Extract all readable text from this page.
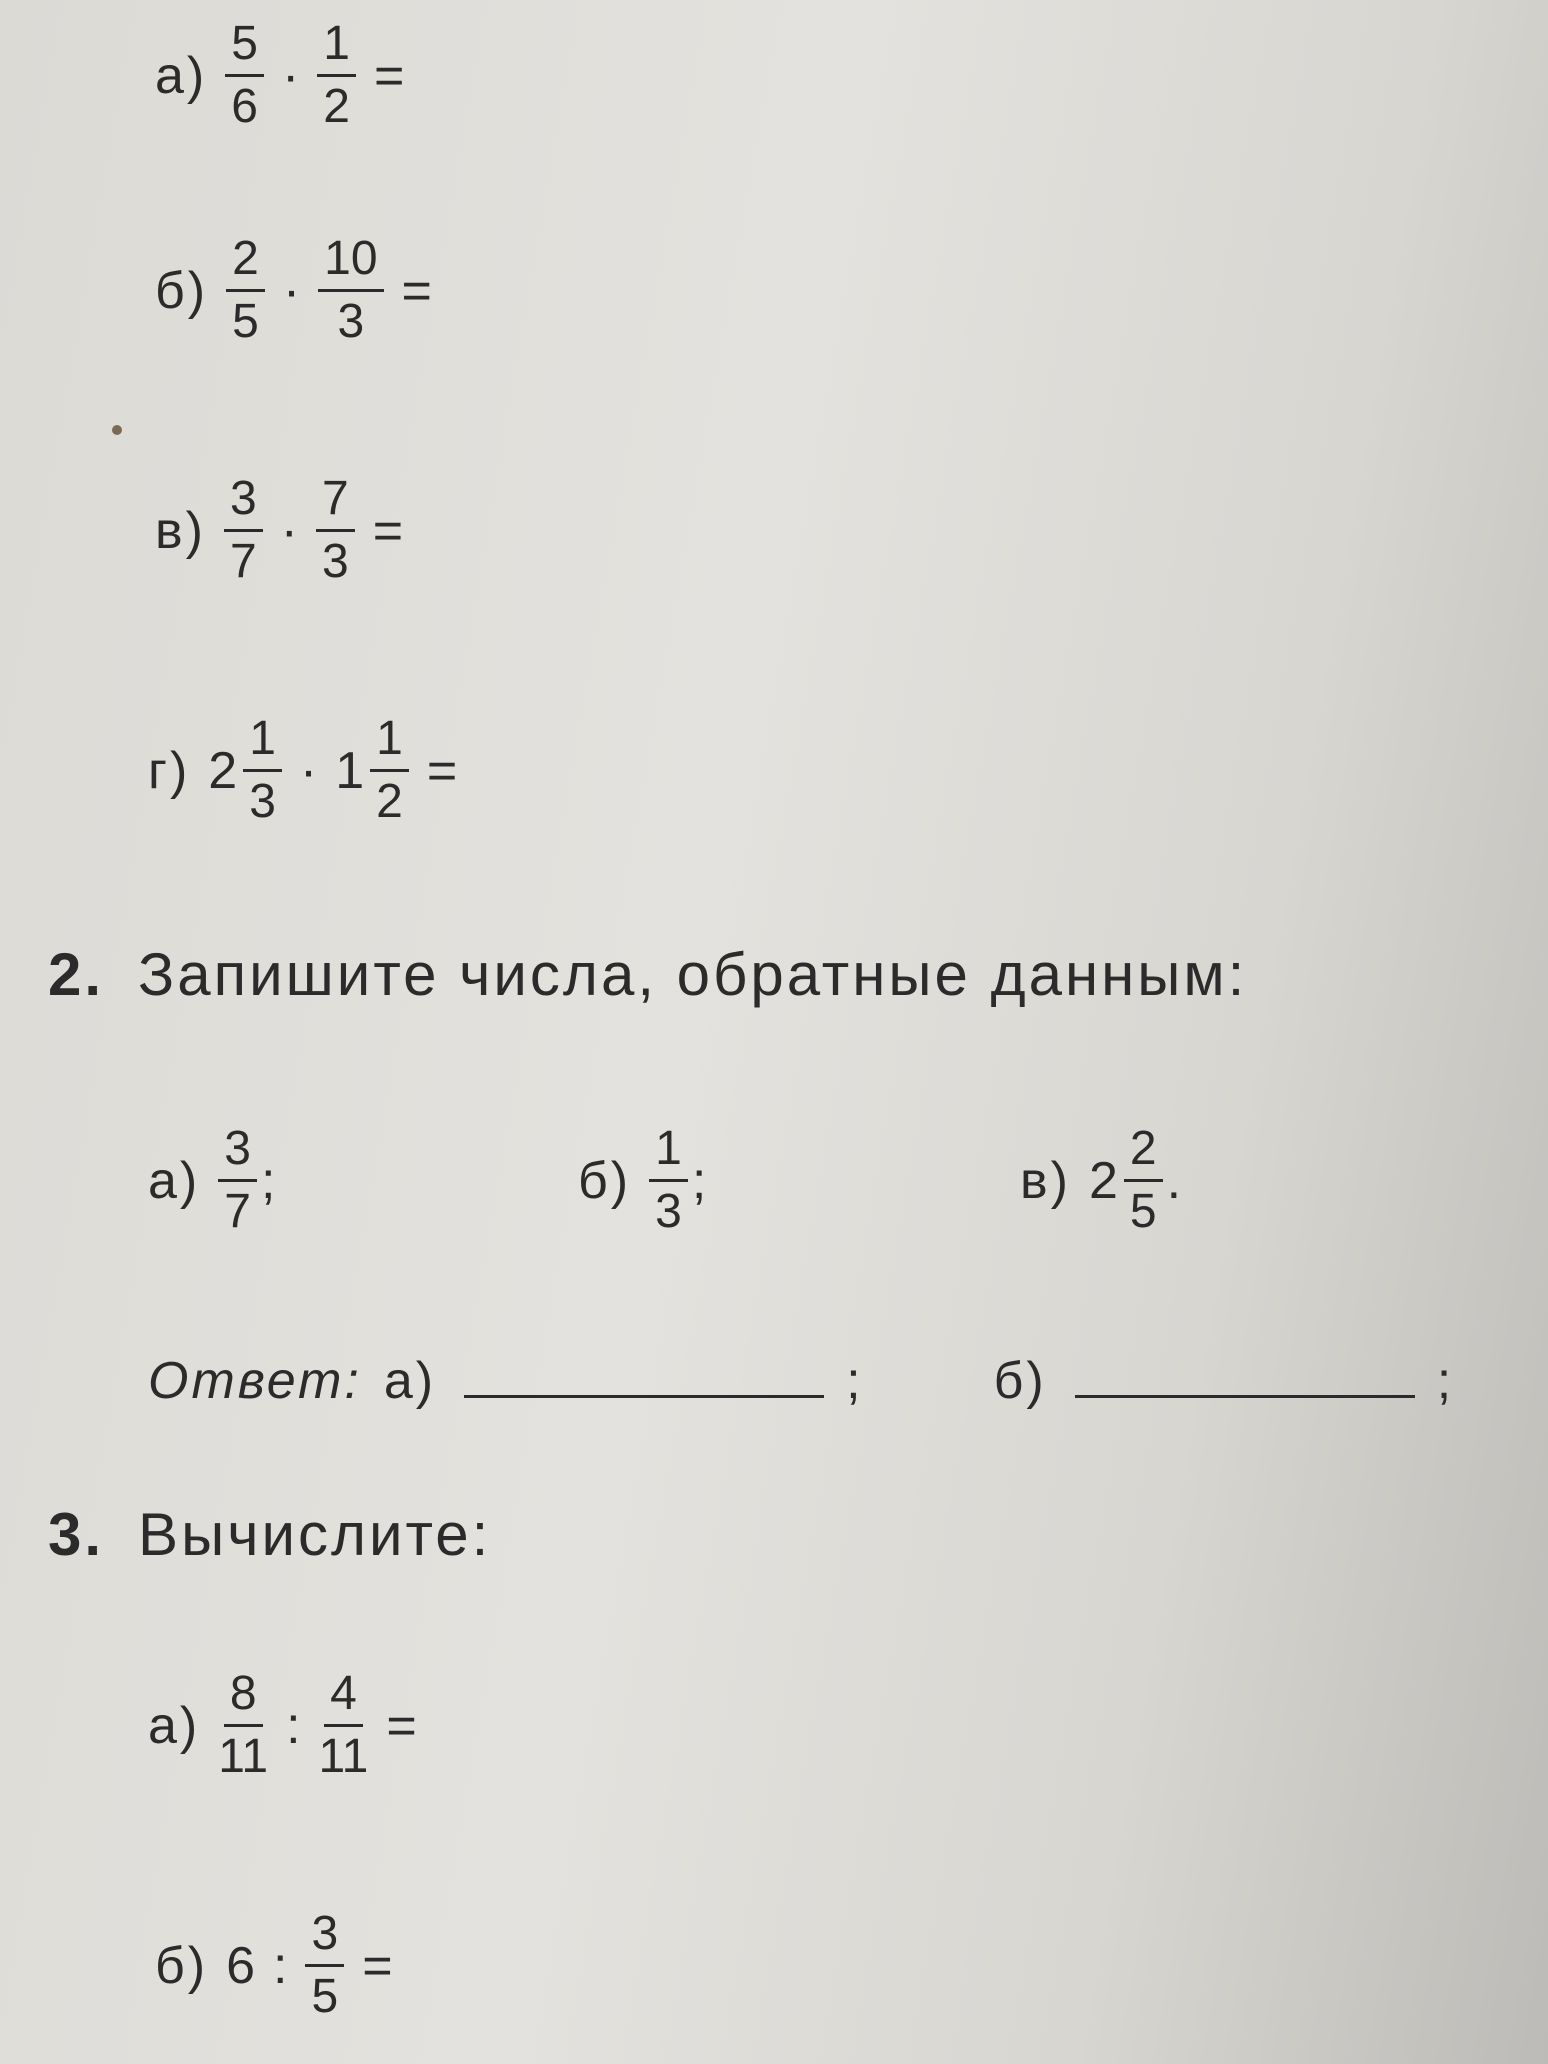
$а) \frac{5}{6} \cdot \frac{1}{2}$ =
$б) \frac{2}{5} \cdot \frac{10}{3}$ =
$в) \frac{3}{7} \cdot \frac{7}{3}$ =
г) $2 \frac{1}{3} \cdot 1 \frac{1}{2}$ =
2. Запишите числа, обратные данным:
$а) \frac{3}{7}$ ;	$б) \frac{1}{3}$ ;	в) $2 \frac{2}{5}$ .
Ответ: а)	;	б)	;
3. Вычислите:
$а) \frac{8}{11}$ : $\frac{4}{11}$ =
б) 6 : $\frac{3}{5}$ =
